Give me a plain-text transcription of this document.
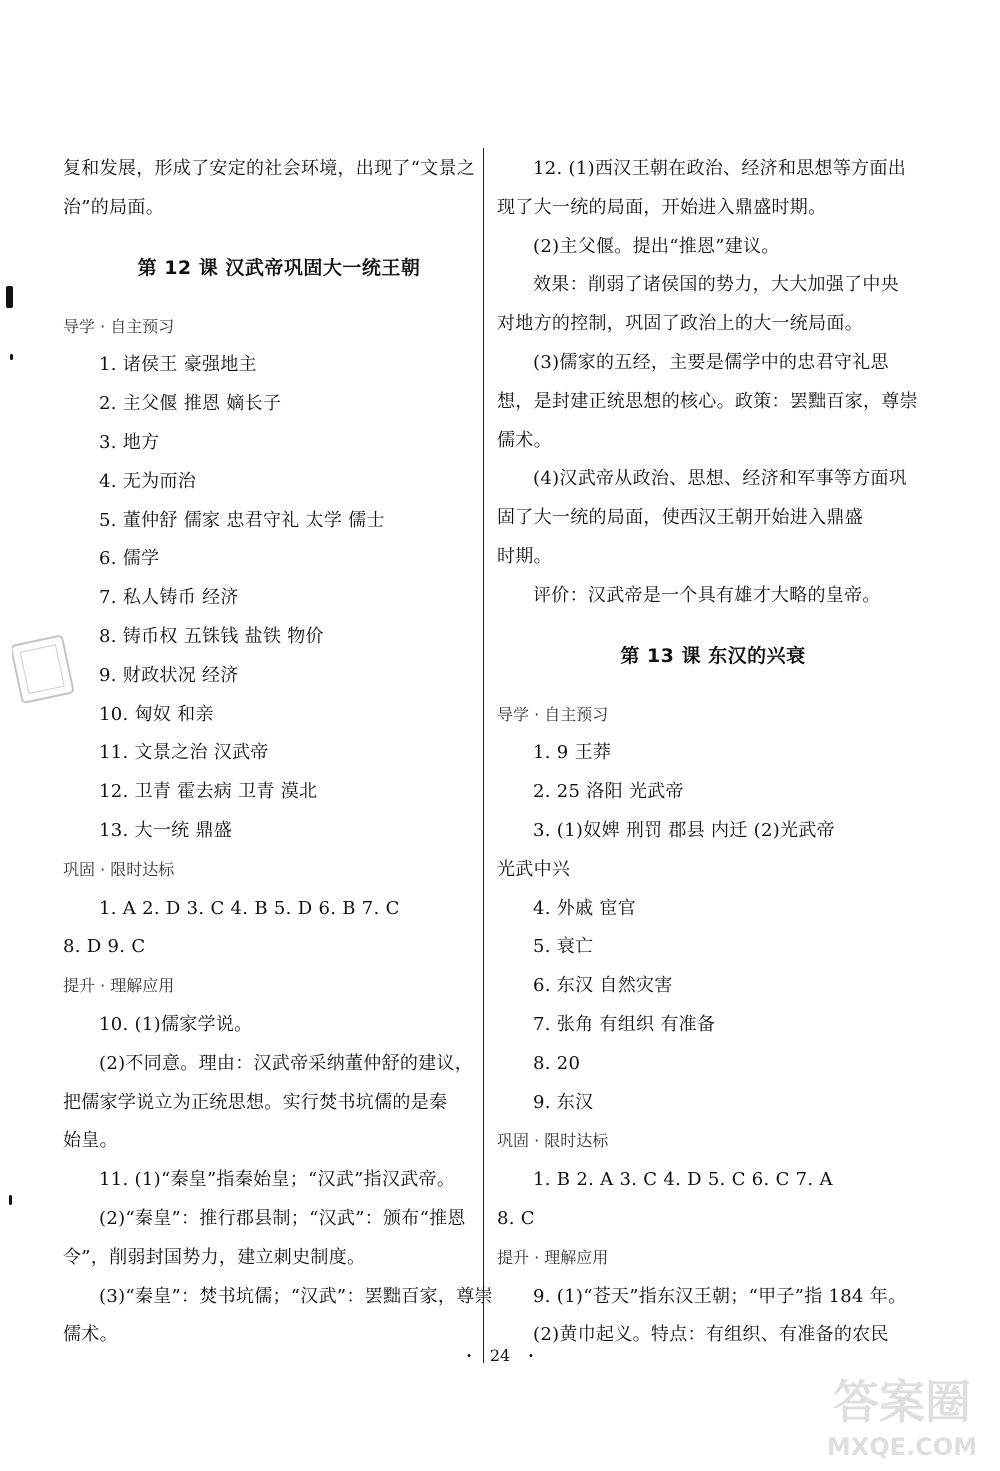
复和发展，形成了安定的社会环境，出现了“文景之
治”的局面。
第 12 课 汉武帝巩固大一统王朝
导学 · 自主预习
1. 诸侯王 豪强地主
2. 主父偃 推恩 嫡长子
3. 地方
4. 无为而治
5. 董仲舒 儒家 忠君守礼 太学 儒士
6. 儒学
7. 私人铸币 经济
8. 铸币权 五铢钱 盐铁 物价
9. 财政状况 经济
10. 匈奴 和亲
11. 文景之治 汉武帝
12. 卫青 霍去病 卫青 漠北
13. 大一统 鼎盛
巩固 · 限时达标
1. A 2. D 3. C 4. B 5. D 6. B 7. C
8. D 9. C
提升 · 理解应用
10. (1)儒家学说。
(2)不同意。理由：汉武帝采纳董仲舒的建议，
把儒家学说立为正统思想。实行焚书坑儒的是秦
始皇。
11. (1)“秦皇”指秦始皇；“汉武”指汉武帝。
(2)“秦皇”：推行郡县制；“汉武”：颁布“推恩
令”，削弱封国势力，建立刺史制度。
(3)“秦皇”：焚书坑儒；“汉武”：罢黜百家，尊崇
儒术。
12. (1)西汉王朝在政治、经济和思想等方面出
现了大一统的局面，开始进入鼎盛时期。
(2)主父偃。提出“推恩”建议。
效果：削弱了诸侯国的势力，大大加强了中央
对地方的控制，巩固了政治上的大一统局面。
(3)儒家的五经，主要是儒学中的忠君守礼思
想，是封建正统思想的核心。政策：罢黜百家，尊崇
儒术。
(4)汉武帝从政治、思想、经济和军事等方面巩
固了大一统的局面，使西汉王朝开始进入鼎盛
时期。
评价：汉武帝是一个具有雄才大略的皇帝。
第 13 课 东汉的兴衰
导学 · 自主预习
1. 9 王莽
2. 25 洛阳 光武帝
3. (1)奴婢 刑罚 郡县 内迁 (2)光武帝
光武中兴
4. 外戚 宦官
5. 衰亡
6. 东汉 自然灾害
7. 张角 有组织 有准备
8. 20
9. 东汉
巩固 · 限时达标
1. B 2. A 3. C 4. D 5. C 6. C 7. A
8. C
提升 · 理解应用
9. (1)“苍天”指东汉王朝；“甲子”指 184 年。
(2)黄巾起义。特点：有组织、有准备的农民
· 24 ·
答案圈
MXQE.COM
